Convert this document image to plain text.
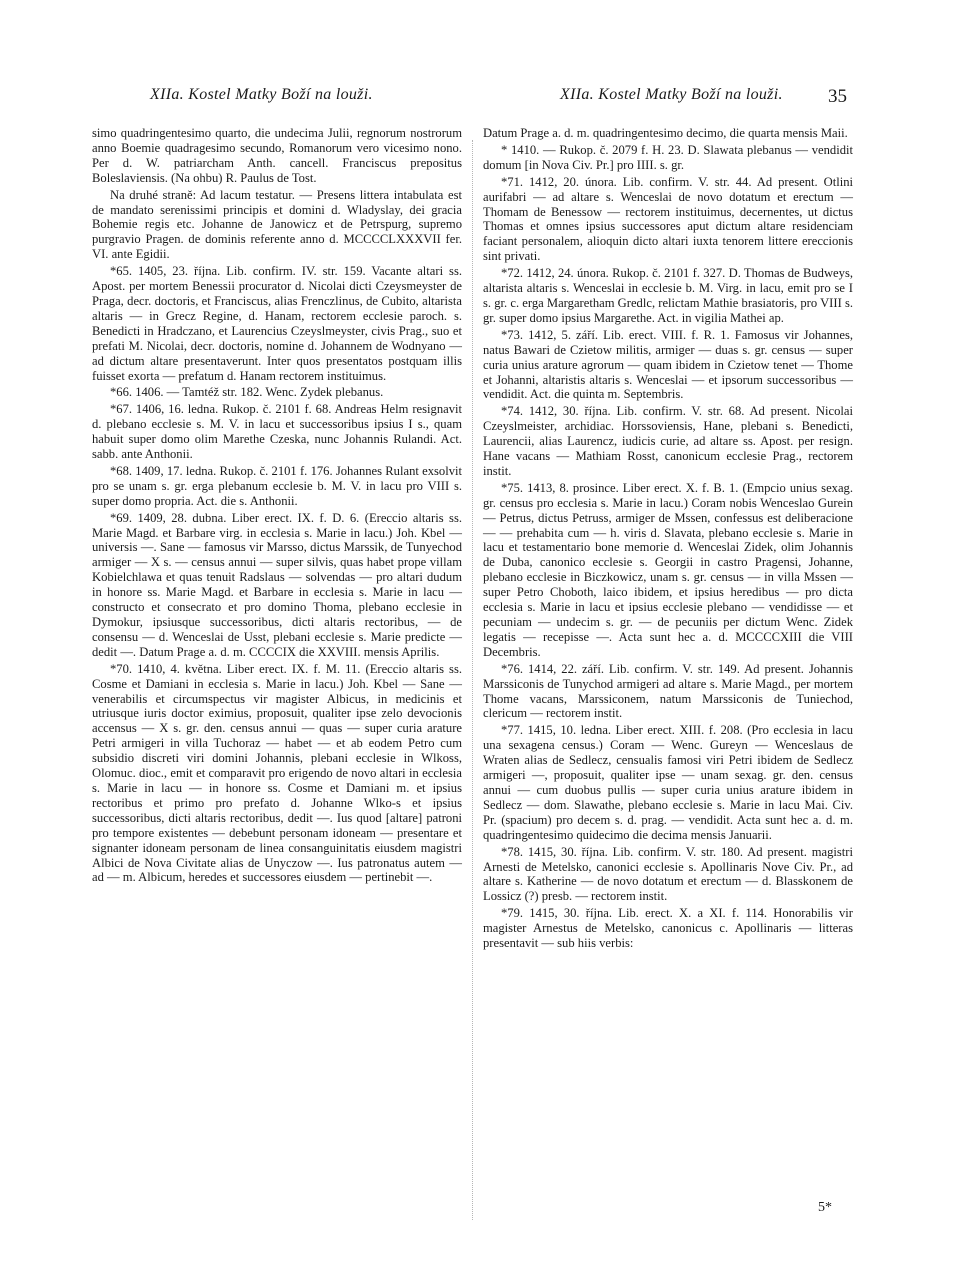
XIIa. Kostel Matky Boží na louži.	XIIa. Kostel Matky Boží na louži. 35

simo quadringentesimo quarto, die undecima Julii, regnorum nostrorum anno Boemie quadragesimo secundo, Romanorum vero vicesimo nono. Per d. W. patriarcham Anth. cancell. Franciscus prepositus Boleslaviensis. (Na ohbu) R. Paulus de Tost.

Na druhé straně: Ad lacum testatur. — Presens littera intabulata est de mandato serenissimi principis et domini d. Wladyslay, dei gracia Bohemie regis etc. Johanne de Janowicz et de Petrspurg, supremo purgravio Pragen. de dominis referente anno d. MCCCCLXXXVII fer. VI. ante Egidii.

*65. 1405, 23. října. Lib. confirm. IV. str. 159. Vacante altari ss. Apost. per mortem Benessii procurator d. Nicolai dicti Czeysmeyster de Praga, decr. doctoris, et Franciscus, alias Frenczlinus, de Cubito, altarista altaris — in Grecz Regine, d. Hanam, rectorem ecclesie paroch. s. Benedicti in Hradczano, et Laurencius Czeyslmeyster, civis Prag., suo et prefati M. Nicolai, decr. doctoris, nomine d. Johannem de Wodnyano — ad dictum altare presentaverunt. Inter quos presentatos postquam illis fuisset exorta — prefatum d. Hanam rectorem instituimus.

*66. 1406. — Tamtéž str. 182. Wenc. Zydek plebanus.

*67. 1406, 16. ledna. Rukop. č. 2101 f. 68. Andreas Helm resignavit d. plebano ecclesie s. M. V. in lacu et successoribus ipsius I s., quam habuit super domo olim Marethe Czeska, nunc Johannis Rulandi. Act. sabb. ante Anthonii.

*68. 1409, 17. ledna. Rukop. č. 2101 f. 176. Johannes Rulant exsolvit pro se unam s. gr. erga plebanum ecclesie b. M. V. in lacu pro VIII s. super domo propria. Act. die s. Anthonii.

*69. 1409, 28. dubna. Liber erect. IX. f. D. 6. (Ereccio altaris ss. Marie Magd. et Barbare virg. in ecclesia s. Marie in lacu.) Joh. Kbel — universis —. Sane — famosus vir Marsso, dictus Marssik, de Tunyechod armiger — X s. — census annui — super silvis, quas habet prope villam Kobielchlawa et quas tenuit Radslaus — solvendas — pro altari dudum in honore ss. Marie Magd. et Barbare in ecclesia s. Marie in lacu — constructo et consecrato et pro domino Thoma, plebano ecclesie in Dymokur, ipsiusque successoribus, dicti altaris rectoribus, — de consensu — d. Wenceslai de Usst, plebani ecclesie s. Marie predicte — dedit —. Datum Prage a. d. m. CCCCIX die XXVIII. mensis Aprilis.

*70. 1410, 4. května. Liber erect. IX. f. M. 11. (Ereccio altaris ss. Cosme et Damiani in ecclesia s. Marie in lacu.) Joh. Kbel — Sane — venerabilis et circumspectus vir magister Albicus, in medicinis et utriusque iuris doctor eximius, proposuit, qualiter ipse zelo devocionis accensus — X s. gr. den. census annui — quas — super curia arature Petri armigeri in villa Tuchoraz — habet — et ab eodem Petro cum subsidio discreti viri domini Johannis, plebani ecclesie in Wlkoss, Olomuc. dioc., emit et comparavit pro erigendo de novo altari in ecclesia s. Marie in lacu — in honore ss. Cosme et Damiani m. et ipsius rectoribus et primo pro prefato d. Johanne Wlko-s et ipsius successoribus, dicti altaris rectoribus, dedit —. Ius quod [altare] patroni pro tempore existentes — debebunt personam idoneam — presentare et signanter idoneam personam de linea consanguinitatis eiusdem magistri Albici de Nova Civitate alias de Unyczow —. Ius patronatus autem — ad — m. Albicum, heredes et successores eiusdem — pertinebit —.

Datum Prage a. d. m. quadringentesimo decimo, die quarta mensis Maii.

* 1410. — Rukop. č. 2079 f. H. 23. D. Slawata plebanus — vendidit domum [in Nova Civ. Pr.] pro IIII. s. gr.

*71. 1412, 20. února. Lib. confirm. V. str. 44. Ad present. Otlini aurifabri — ad altare s. Wenceslai de novo dotatum et erectum — Thomam de Benessow — rectorem instituimus, decernentes, ut dictus Thomas et omnes ipsius successores aput dictum altare residenciam faciant personalem, alioquin dicto altari iuxta tenorem littere ereccionis sint privati.

*72. 1412, 24. února. Rukop. č. 2101 f. 327. D. Thomas de Budweys, altarista altaris s. Wenceslai in ecclesie b. M. Virg. in lacu, emit pro se I s. gr. c. erga Margaretham Gredlc, relictam Mathie brasiatoris, pro VIII s. gr. super domo ipsius Margarethe. Act. in vigilia Mathei ap.

*73. 1412, 5. září. Lib. erect. VIII. f. R. 1. Famosus vir Johannes, natus Bawari de Czietow militis, armiger — duas s. gr. census — super curia unius arature agrorum — quam ibidem in Czietow tenet — Thome et Johanni, altaristis altaris s. Wenceslai — et ipsorum successoribus — vendidit. Act. die quinta m. Septembris.

*74. 1412, 30. října. Lib. confirm. V. str. 68. Ad present. Nicolai Czeyslmeister, archidiac. Horssoviensis, Hane, plebani s. Benedicti, Laurencii, alias Laurencz, iudicis curie, ad altare ss. Apost. per resign. Hane vacans — Mathiam Rosst, canonicum ecclesie Prag., rectorem instit.

*75. 1413, 8. prosince. Liber erect. X. f. B. 1. (Empcio unius sexag. gr. census pro ecclesia s. Marie in lacu.) Coram nobis Wenceslao Gurein — Petrus, dictus Petruss, armiger de Mssen, confessus est deliberacione — — prehabita cum — h. viris d. Slavata, plebano ecclesie s. Marie in lacu et testamentario bone memorie d. Wenceslai Zidek, olim Johannis de Duba, canonico ecclesie s. Georgii in castro Pragensi, Johanne, plebano ecclesie in Biczkowicz, unam s. gr. census — in villa Mssen — super Petro Choboth, laico ibidem, et ipsius heredibus — pro dicta ecclesia s. Marie in lacu et ipsius ecclesie plebano — vendidisse — et pecuniam — undecim s. gr. — de pecuniis per dictum Wenc. Zidek legatis — recepisse —. Acta sunt hec a. d. MCCCCXIII die VIII Decembris.

*76. 1414, 22. září. Lib. confirm. V. str. 149. Ad present. Johannis Marssiconis de Tunychod armigeri ad altare s. Marie Magd., per mortem Thome vacans, Marssiconem, natum Marssiconis de Tuniechod, clericum — rectorem instit.

*77. 1415, 10. ledna. Liber erect. XIII. f. 208. (Pro ecclesia in lacu una sexagena census.) Coram — Wenc. Gureyn — Wenceslaus de Wraten alias de Sedlecz, censualis famosi viri Petri ibidem de Sedlecz armigeri —, proposuit, qualiter ipse — unam sexag. gr. den. census annui — cum duobus pullis — super curia unius arature ibidem in Sedlecz — dom. Slawathe, plebano ecclesie s. Marie in lacu Mai. Civ. Pr. (spacium) pro decem s. d. prag. — vendidit. Acta sunt hec a. d. m. quadringentesimo quidecimo die decima mensis Januarii.

*78. 1415, 30. října. Lib. confirm. V. str. 180. Ad present. magistri Arnesti de Metelsko, canonici ecclesie s. Apollinaris Nove Civ. Pr., ad altare s. Katherine — de novo dotatum et erectum — d. Blasskonem de Lossicz (?) presb. — rectorem instit.

*79. 1415, 30. října. Lib. erect. X. a XI. f. 114. Honorabilis vir magister Arnestus de Metelsko, canonicus c. Apollinaris — litteras presentavit — sub hiis verbis:

5*
